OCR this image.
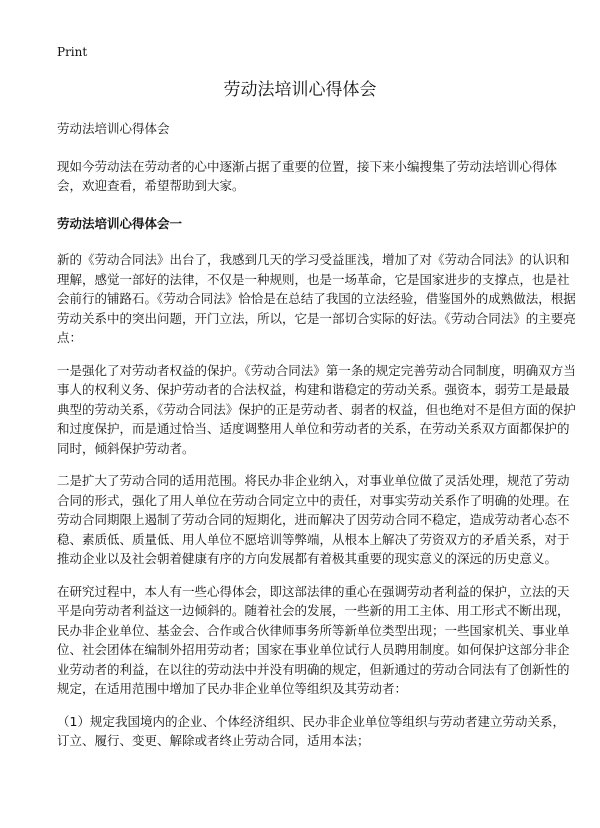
Print
劳动法培训心得体会

劳动法培训心得体会

现如今劳动法在劳动者的心中逐渐占据了重要的位置，接下来小编搜集了劳动法培训心得体会，欢迎查看，希望帮助到大家。

劳动法培训心得体会一

新的《劳动合同法》出台了，我感到几天的学习受益匪浅，增加了对《劳动合同法》的认识和理解，感觉一部好的法律，不仅是一种规则，也是一场革命，它是国家进步的支撑点，也是社会前行的铺路石。《劳动合同法》恰恰是在总结了我国的立法经验，借鉴国外的成熟做法，根据劳动关系中的突出问题，开门立法，所以，它是一部切合实际的好法。《劳动合同法》的主要亮点：

一是强化了对劳动者权益的保护。《劳动合同法》第一条的规定完善劳动合同制度，明确双方当事人的权利义务、保护劳动者的合法权益，构建和谐稳定的劳动关系。强资本，弱劳工是最最典型的劳动关系，《劳动合同法》保护的正是劳动者、弱者的权益，但也绝对不是但方面的保护和过度保护，而是通过恰当、适度调整用人单位和劳动者的关系，在劳动关系双方面都保护的同时，倾斜保护劳动者。

二是扩大了劳动合同的适用范围。将民办非企业纳入，对事业单位做了灵活处理，规范了劳动合同的形式，强化了用人单位在劳动合同定立中的责任，对事实劳动关系作了明确的处理。在劳动合同期限上遏制了劳动合同的短期化，进而解决了因劳动合同不稳定，造成劳动者心态不稳、素质低、质量低、用人单位不愿培训等弊端，从根本上解决了劳资双方的矛盾关系，对于推动企业以及社会朝着健康有序的方向发展都有着极其重要的现实意义的深远的历史意义。

在研究过程中，本人有一些心得体会，即这部法律的重心在强调劳动者利益的保护，立法的天平是向劳动者利益这一边倾斜的。随着社会的发展，一些新的用工主体、用工形式不断出现，民办非企业单位、基金会、合作或合伙律师事务所等新单位类型出现；一些国家机关、事业单位、社会团体在编制外招用劳动者；国家在事业单位试行人员聘用制度。如何保护这部分非企业劳动者的利益，在以往的劳动法中并没有明确的规定，但新通过的劳动合同法有了创新性的规定，在适用范围中增加了民办非企业单位等组织及其劳动者：

（1）规定我国境内的企业、个体经济组织、民办非企业单位等组织与劳动者建立劳动关系，订立、履行、变更、解除或者终止劳动合同，适用本法；
